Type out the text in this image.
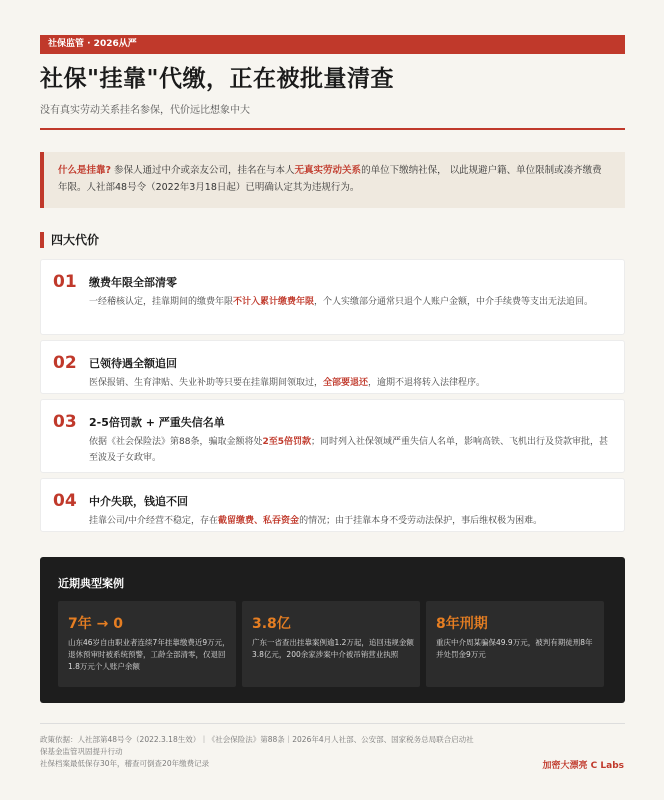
社保监管 · 2026从严
社保"挂靠"代缴，正在被批量清查
没有真实劳动关系挂名参保，代价远比想象中大
什么是挂靠? 参保人通过中介或亲友公司，挂名在与本人无真实劳动关系的单位下缴纳社保， 以此规避户籍、单位限制或凑齐缴费年限。人社部48号令（2022年3月18日起）已明确认定其为违规行为。
四大代价
01 缴费年限全部清零
一经稽核认定，挂靠期间的缴费年限不计入累计缴费年限，个人实缴部分通常只退个人账户金额，中介手续费等支出无法追回。
02 已领待遇全额追回
医保报销、生育津贴、失业补助等只要在挂靠期间领取过，全部要退还，逾期不退将转入法律程序。
03 2-5倍罚款 + 严重失信名单
依据《社会保险法》第88条，骗取金额将处2至5倍罚款；同时列入社保领域严重失信人名单，影响高铁、飞机出行及贷款审批，甚至波及子女政审。
04 中介失联，钱追不回
挂靠公司/中介经营不稳定，存在截留缴费、私吞资金的情况；由于挂靠本身不受劳动法保护，事后维权极为困难。
近期典型案例
7年 → 0
山东46岁自由职业者连续7年挂靠缴费近9万元，退休预审时被系统预警，工龄全部清零，仅退回1.8万元个人账户余额
3.8亿
广东一省查出挂靠案例逾1.2万起，追回违规金额3.8亿元，200余家涉案中介被吊销营业执照
8年刑期
重庆中介周某骗保49.9万元，被判有期徒刑8年并处罚金9万元
政策依据：人社部第48号令（2022.3.18生效）｜《社会保险法》第88条｜2026年4月人社部、公安部、国家税务总局联合启动社保基金监管巩固提升行动
社保档案最低保存30年，稽查可倒查20年缴费记录	加密大漂亮 C Labs
